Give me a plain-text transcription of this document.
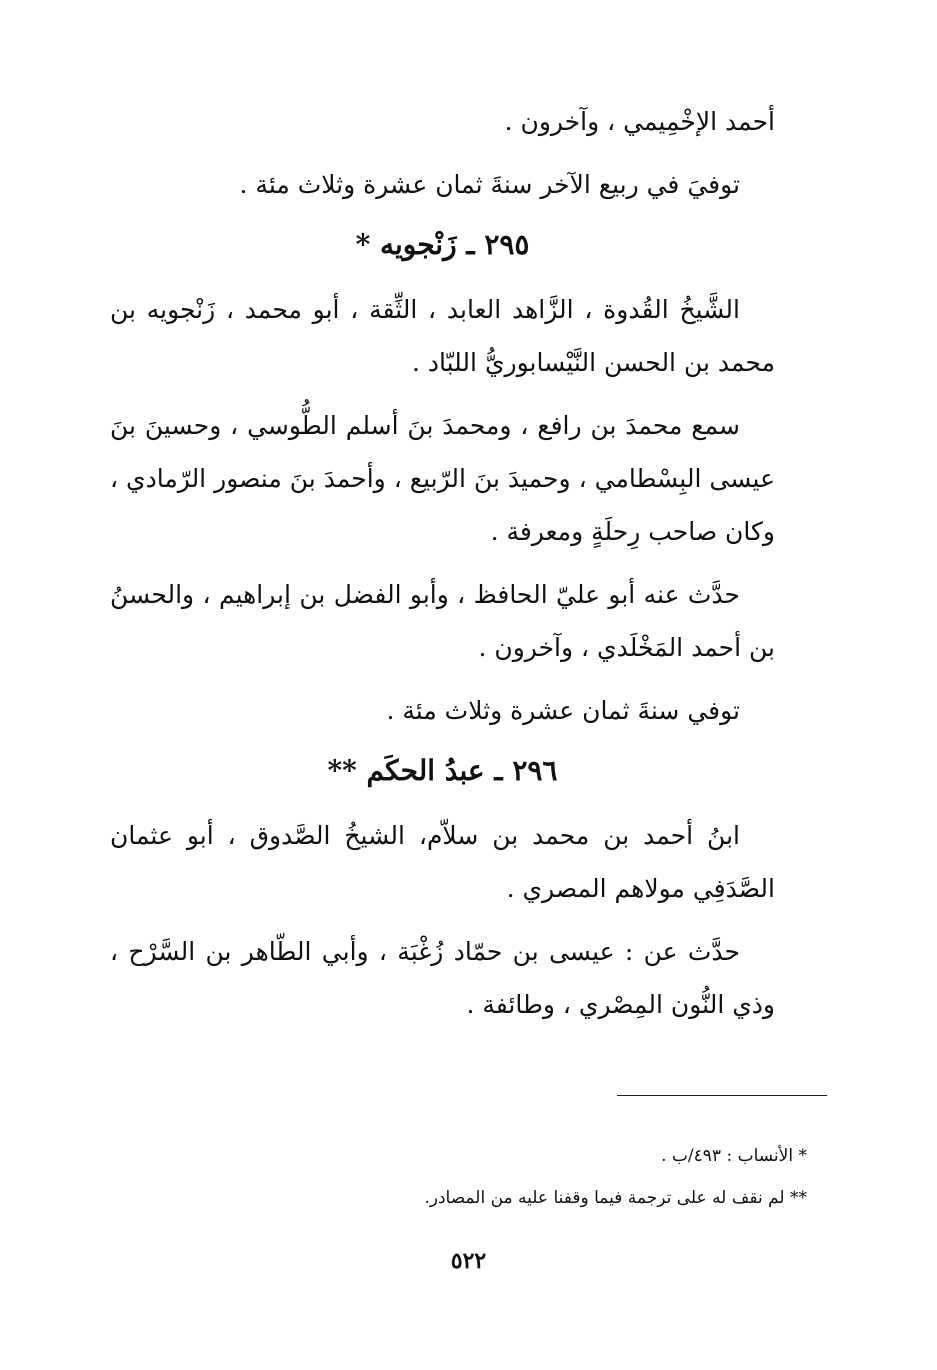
أحمد الإخْمِيمي ، وآخرون .

توفيَ في ربيع الآخر سنةَ ثمان عشرة وثلاث مئة .

٢٩٥ ـ زَنْجويه *

الشَّيخُ القُدوة ، الزَّاهد العابد ، الثِّقة ، أبو محمد ، زَنْجويه بن محمد بن الحسن النَّيْسابوريُّ اللبّاد .

سمع محمدَ بن رافع ، ومحمدَ بنَ أسلم الطُّوسي ، وحسينَ بنَ عيسى البِسْطامي ، وحميدَ بنَ الرّبيع ، وأحمدَ بنَ منصور الرّمادي ، وكان صاحب رِحلَةٍ ومعرفة .

حدَّث عنه أبو عليّ الحافظ ، وأبو الفضل بن إبراهيم ، والحسنُ بن أحمد المَخْلَدي ، وآخرون .

توفي سنةَ ثمان عشرة وثلاث مئة .

٢٩٦ ـ عبدُ الحكَم **

ابنُ أحمد بن محمد بن سلاّم، الشيخُ الصَّدوق ، أبو عثمان الصَّدَفِي مولاهم المصري .

حدَّث عن : عيسى بن حمّاد زُغْبَة ، وأبي الطّاهر بن السَّرْح ، وذي النُّون المِصْري ، وطائفة .

* الأنساب : ٤٩٣/ب .
** لم نقف له على ترجمة فيما وقفنا عليه من المصادر.
٥٢٢
